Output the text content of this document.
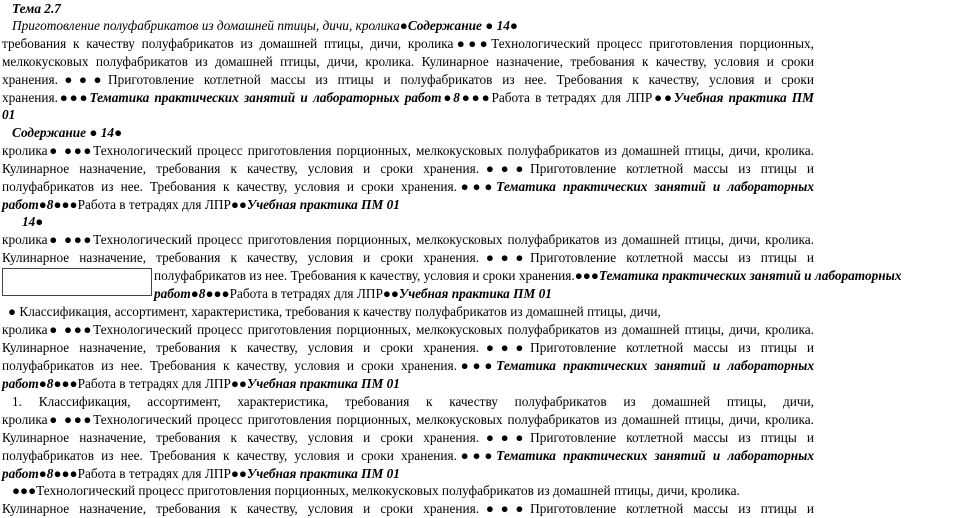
Тема 2.7
Приготовление полуфабрикатов из домашней птицы, дичи, кролика●Содержание ● 14●
требования к качеству полуфабрикатов из домашней птицы, дичи, кролика●●●Технологический процесс приготовления порционных,
мелкокусковых полуфабрикатов из домашней птицы, дичи, кролика. Кулинарное назначение, требования к качеству, условия и сроки
хранения.●●●Приготовление котлетной массы из птицы и полуфабрикатов из нее. Требования к качеству, условия и сроки
хранения.●●●Тематика практических занятий и лабораторных работ●8●●●Работа в тетрадях для ЛПР●●Учебная практика ПМ
01
Содержание ● 14●
кролика● ●●●Технологический процесс приготовления порционных, мелкокусковых полуфабрикатов из домашней птицы, дичи, кролика.
Кулинарное назначение, требования к качеству, условия и сроки хранения.●●●Приготовление котлетной массы из птицы и
полуфабрикатов из нее. Требования к качеству, условия и сроки хранения.●●●Тематика практических занятий и лабораторных
работ●8●●●Работа в тетрадях для ЛПР●●Учебная практика ПМ 01
14●
кролика● ●●●Технологический процесс приготовления порционных, мелкокусковых полуфабрикатов из домашней птицы, дичи, кролика.
Кулинарное назначение, требования к качеству, условия и сроки хранения.●●●Приготовление котлетной массы из птицы и
полуфабрикатов из нее. Требования к качеству, условия и сроки хранения.●●●Тематика практических занятий и лабораторных
работ●8●●●Работа в тетрадях для ЛПР●●Учебная практика ПМ 01
● Классификация, ассортимент, характеристика, требования к качеству полуфабрикатов из домашней птицы, дичи,
кролика● ●●●Технологический процесс приготовления порционных, мелкокусковых полуфабрикатов из домашней птицы, дичи, кролика.
Кулинарное назначение, требования к качеству, условия и сроки хранения.●●●Приготовление котлетной массы из птицы и
полуфабрикатов из нее. Требования к качеству, условия и сроки хранения.●●●Тематика практических занятий и лабораторных
работ●8●●●Работа в тетрадях для ЛПР●●Учебная практика ПМ 01
1. Классификация, ассортимент, характеристика, требования к качеству полуфабрикатов из домашней птицы, дичи,
кролика● ●●●Технологический процесс приготовления порционных, мелкокусковых полуфабрикатов из домашней птицы, дичи, кролика.
Кулинарное назначение, требования к качеству, условия и сроки хранения.●●●Приготовление котлетной массы из птицы и
полуфабрикатов из нее. Требования к качеству, условия и сроки хранения.●●●Тематика практических занятий и лабораторных
работ●8●●●Работа в тетрадях для ЛПР●●Учебная практика ПМ 01
●●●Технологический процесс приготовления порционных, мелкокусковых полуфабрикатов из домашней птицы, дичи, кролика.
Кулинарное назначение, требования к качеству, условия и сроки хранения.●●●Приготовление котлетной массы из птицы и
